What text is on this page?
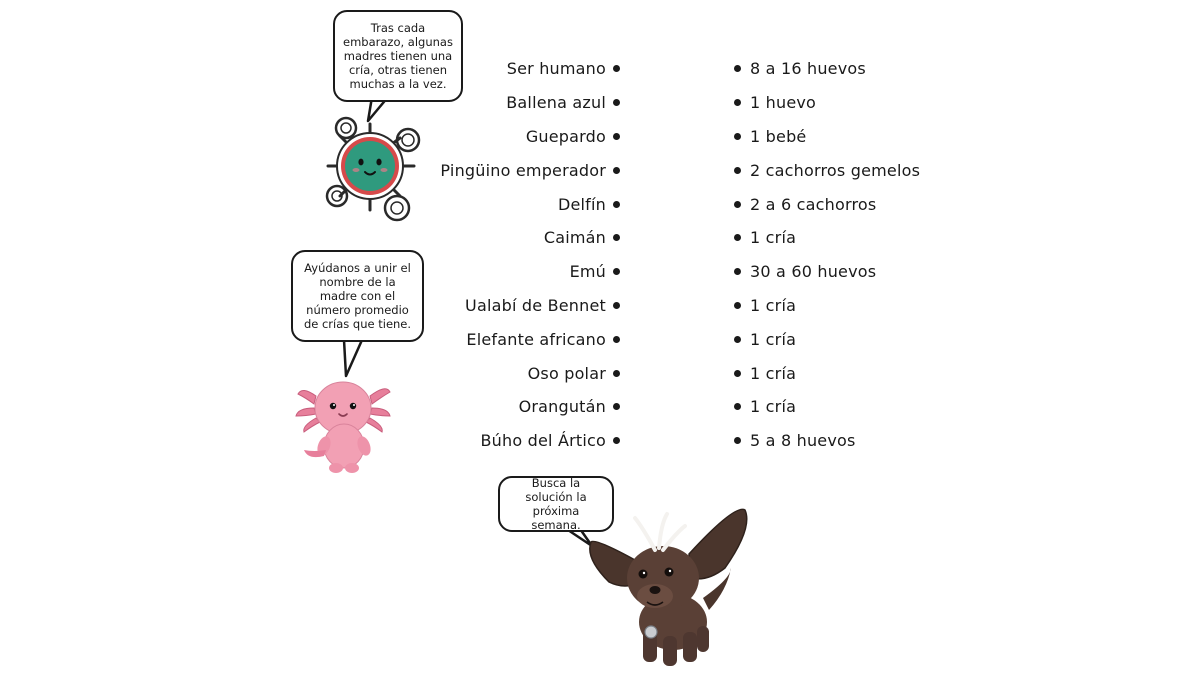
Tras cada embarazo, algunas madres tienen una cría, otras tienen muchas a la vez.
Ayúdanos a unir el nombre de la madre con el número promedio de crías que tiene.
Busca la solución la próxima semana.
Ser humano
Ballena azul
Guepardo
Pingüino emperador
Delfín
Caimán
Emú
Ualabí de Bennet
Elefante africano
Oso polar
Orangután
Búho del Ártico
8 a 16 huevos
1 huevo
1 bebé
2 cachorros gemelos
2 a 6 cachorros
1 cría
30 a 60 huevos
1 cría
1 cría
1 cría
1 cría
5 a 8 huevos
